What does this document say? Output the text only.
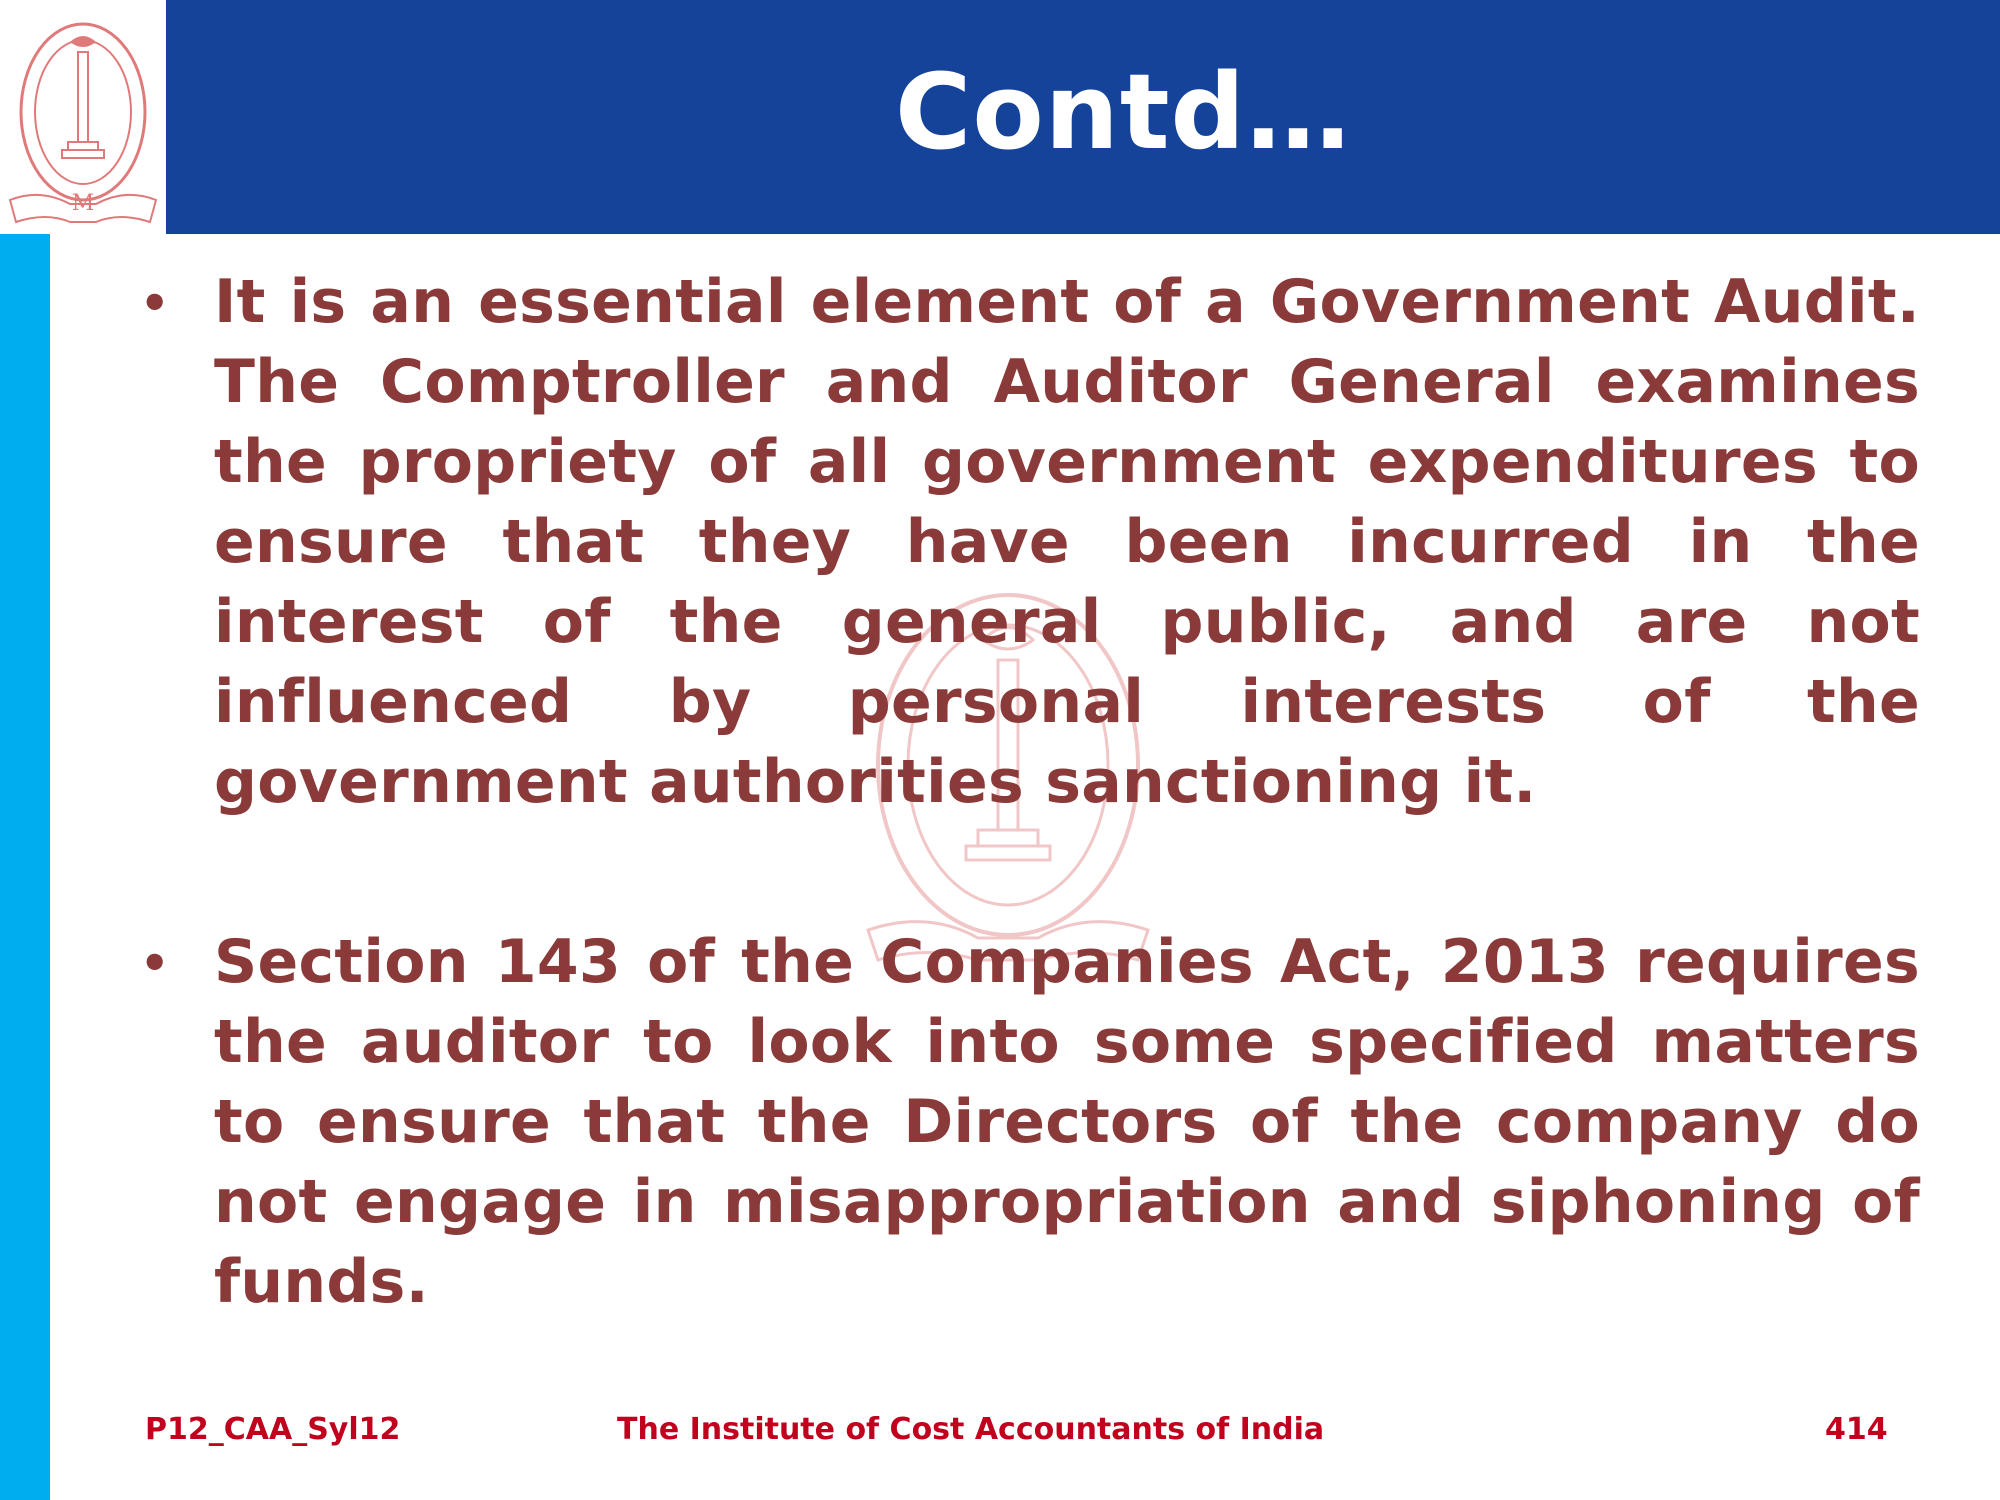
M
Contd…
• It is an essential element of a Government Audit. The Comptroller and Auditor General examines the propriety of all government expenditures to ensure that they have been incurred in the interest of the general public, and are not influenced by personal interests of the government authorities sanctioning it.
• Section 143 of the Companies Act, 2013 requires the auditor to look into some specified matters to ensure that the Directors of the company do not engage in misappropriation and siphoning of funds.
P12_CAA_Syl12	The Institute of Cost Accountants of India	414
